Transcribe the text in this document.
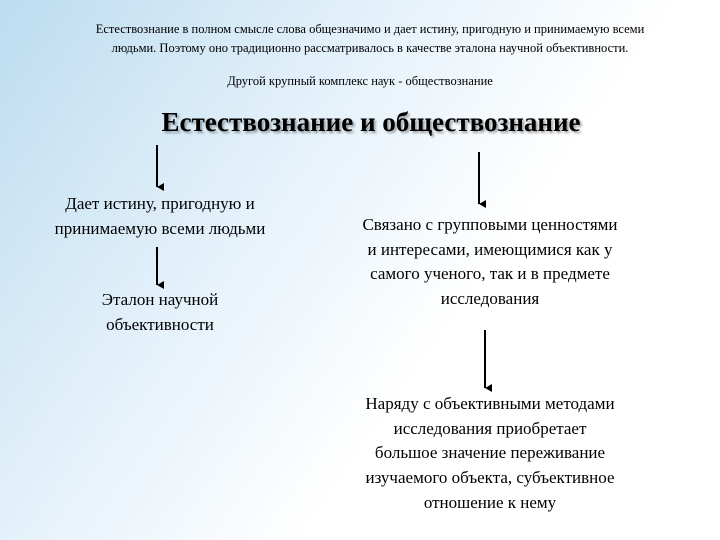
Естествознание в полном смысле слова общезначимо и дает истину, пригодную и принимаемую всеми
людьми. Поэтому оно традиционно рассматривалось в качестве эталона научной объективности.
Другой крупный комплекс наук - обществознание
Естествознание и обществознание
Дает истину, пригодную и
принимаемую всеми людьми
Эталон научной
объективности
Связано с групповыми ценностями
и интересами, имеющимися как у
самого ученого, так и в предмете
исследования
Наряду с объективными методами
исследования приобретает
большое значение переживание
изучаемого объекта, субъективное
отношение к нему
